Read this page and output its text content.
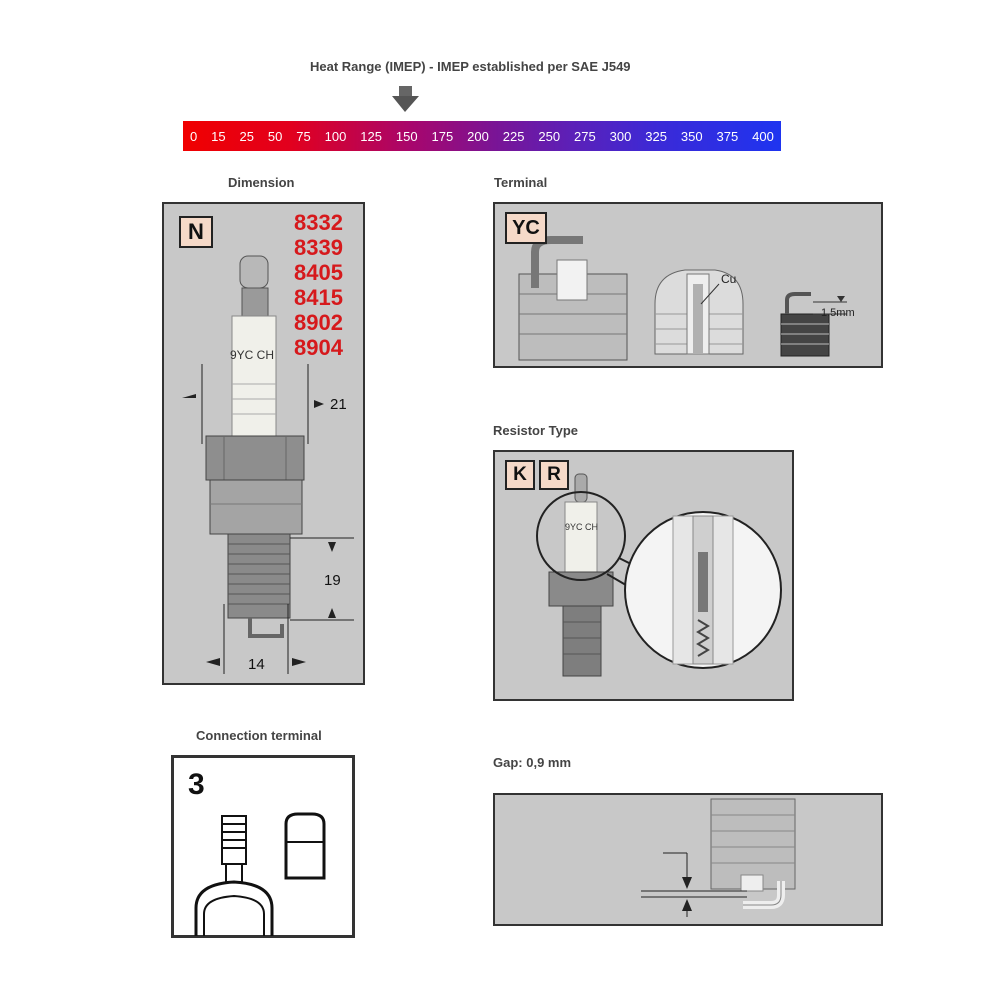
Heat Range (IMEP) - IMEP established per SAE J549
0 15 25 50 75 100 125 150 175 200 225 250 275 300 325 350 375 400
Dimension
N
9YC CH
21
19
14
8332
8339
8405
8415
8902
8904
Terminal
YC
Cu
1.5mm
Resistor Type
K	R
9YC CH
Connection terminal
3
Gap: 0,9 mm
